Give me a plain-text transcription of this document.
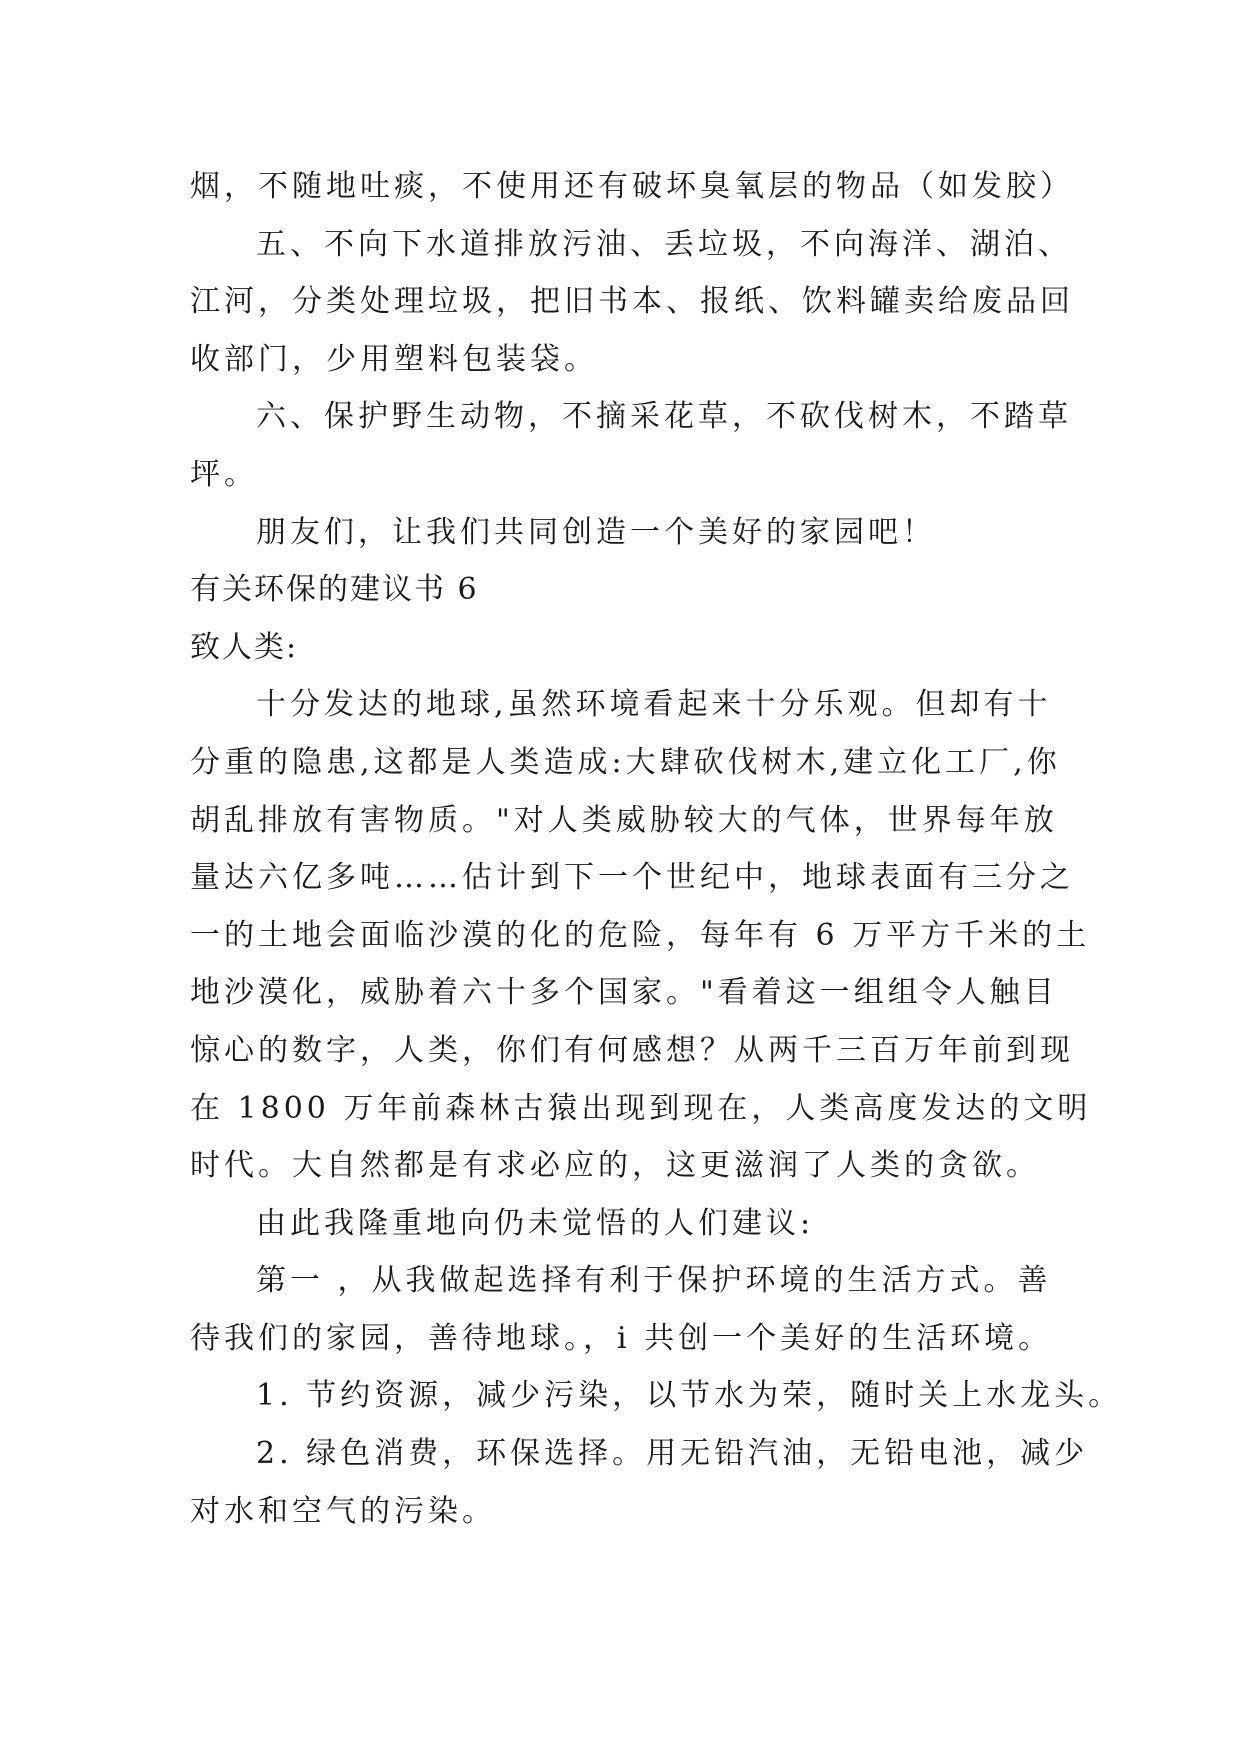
烟，不随地吐痰，不使用还有破坏臭氧层的物品（如发胶）

五、不向下水道排放污油、丢垃圾，不向海洋、湖泊、

江河，分类处理垃圾，把旧书本、报纸、饮料罐卖给废品回

收部门，少用塑料包装袋。

六、保护野生动物，不摘采花草，不砍伐树木，不踏草

坪。

朋友们，让我们共同创造一个美好的家园吧！

有关环保的建议书 6

致人类:

十分发达的地球,虽然环境看起来十分乐观。但却有十

分重的隐患,这都是人类造成:大肆砍伐树木,建立化工厂,你

胡乱排放有害物质。"对人类威胁较大的气体，世界每年放

量达六亿多吨……估计到下一个世纪中，地球表面有三分之

一的土地会面临沙漠的化的危险，每年有 6 万平方千米的土

地沙漠化，威胁着六十多个国家。"看着这一组组令人触目

惊心的数字，人类，你们有何感想？从两千三百万年前到现

在 1800 万年前森林古猿出现到现在，人类高度发达的文明

时代。大自然都是有求必应的，这更滋润了人类的贪欲。

由此我隆重地向仍未觉悟的人们建议:

第一 ，从我做起选择有利于保护环境的生活方式。善

待我们的家园，善待地球。，i 共创一个美好的生活环境。

1. 节约资源，减少污染，以节水为荣，随时关上水龙头。

2. 绿色消费，环保选择。用无铅汽油，无铅电池，减少

对水和空气的污染。
